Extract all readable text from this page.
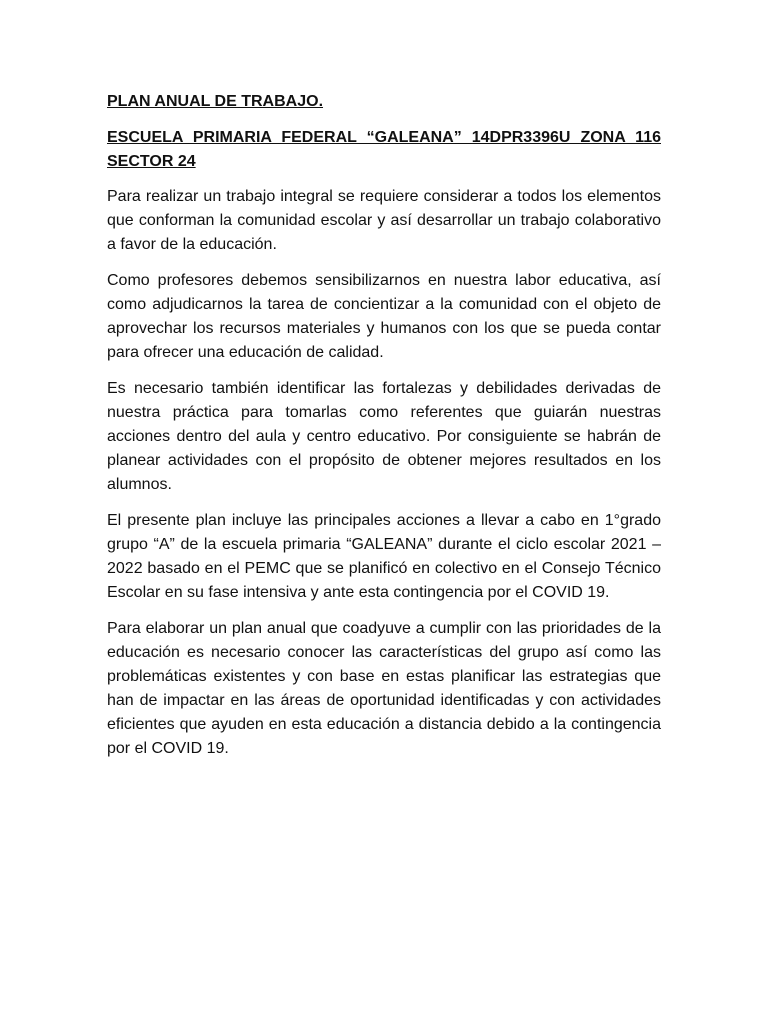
PLAN ANUAL DE TRABAJO.

ESCUELA PRIMARIA FEDERAL “GALEANA” 14DPR3396U ZONA 116 SECTOR 24

Para realizar un trabajo integral se requiere considerar a todos los elementos que conforman la comunidad escolar y así desarrollar un trabajo colaborativo a favor de la educación.

Como profesores debemos sensibilizarnos en nuestra labor educativa, así como adjudicarnos la tarea de concientizar a la comunidad con el objeto de aprovechar los recursos materiales y humanos con los que se pueda contar para ofrecer una educación de calidad.

Es necesario también identificar las fortalezas y debilidades derivadas de nuestra práctica para tomarlas como referentes que guiarán nuestras acciones dentro del aula y centro educativo. Por consiguiente se habrán de planear actividades con el propósito de obtener mejores resultados en los alumnos.

El presente plan incluye las principales acciones a llevar a cabo en 1°grado grupo “A” de la escuela primaria “GALEANA” durante el ciclo escolar 2021 – 2022 basado en el PEMC que se planificó en colectivo en el Consejo Técnico Escolar en su fase intensiva y ante esta contingencia por el COVID 19.

Para elaborar un plan anual que coadyuve a cumplir con las prioridades de la educación es necesario conocer las características del grupo así como las problemáticas existentes y con base en estas planificar las estrategias que han de impactar en las áreas de oportunidad identificadas y con actividades eficientes que ayuden en esta educación a distancia debido a la contingencia por el COVID 19.
